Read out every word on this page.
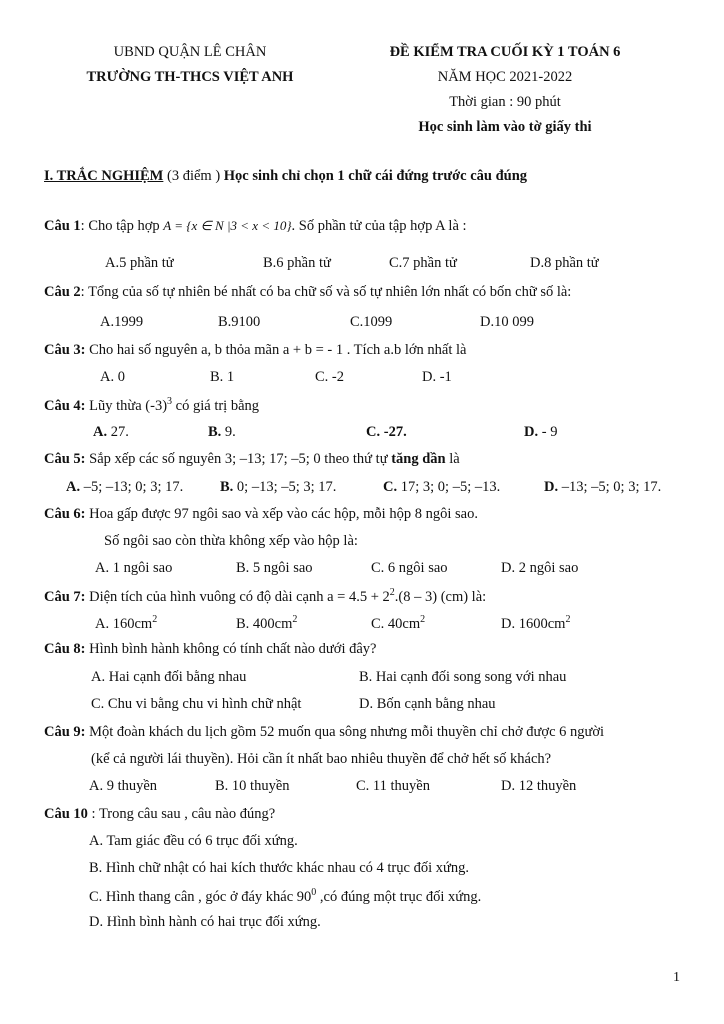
UBND QUẬN LÊ CHÂN
TRƯỜNG TH-THCS VIỆT ANH
ĐỀ KIỂM TRA CUỐI KỲ 1 TOÁN 6
NĂM HỌC 2021-2022
Thời gian : 90 phút
Học sinh làm vào tờ giấy thi
I. TRẮC NGHIỆM (3 điểm ) Học sinh chỉ chọn 1 chữ cái đứng trước câu đúng
Câu 1: Cho tập hợp A = {x ∈ N |3 < x < 10}. Số phần tử của tập hợp A là :
A.5 phần tử	B.6 phần tử	C.7 phần tử	D.8 phần tử
Câu 2: Tổng của số tự nhiên bé nhất có ba chữ số và số tự nhiên lớn nhất có bốn chữ số là:
A.1999	B.9100	C.1099	D.10 099
Câu 3: Cho hai số nguyên a, b thỏa mãn a + b = - 1 . Tích a.b lớn nhất là
A. 0	B. 1	C. -2	D. -1
Câu 4: Lũy thừa $(-3)^3$ có giá trị bằng
A. 27.	B. 9.	C. -27.	D. - 9
Câu 5: Sắp xếp các số nguyên 3; –13; 17; –5; 0 theo thứ tự tăng dần là
A. –5; –13; 0; 3; 17.	B. 0; –13; –5; 3; 17.	C. 17; 3; 0; –5; –13.	D. –13; –5; 0; 3; 17.
Câu 6: Hoa gấp được 97 ngôi sao và xếp vào các hộp, mỗi hộp 8 ngôi sao.
Số ngôi sao còn thừa không xếp vào hộp là:
A. 1 ngôi sao	B. 5 ngôi sao	C. 6 ngôi sao	D. 2 ngôi sao
Câu 7: Diện tích của hình vuông có độ dài cạnh $a = 4.5 + 2^2.(8 - 3)$ (cm) là:
A. $160cm^2$	B. $400cm^2$	C. $40cm^2$	D. $1600cm^2$
Câu 8: Hình bình hành không có tính chất nào dưới đây?
A. Hai cạnh đối bằng nhau	B. Hai cạnh đối song song với nhau
C. Chu vi bằng chu vi hình chữ nhật	D. Bốn cạnh bằng nhau
Câu 9: Một đoàn khách du lịch gồm 52 muốn qua sông nhưng mỗi thuyền chỉ chở được 6 người
(kể cả người lái thuyền). Hỏi cần ít nhất bao nhiêu thuyền để chở hết số khách?
A. 9 thuyền	B. 10 thuyền	C. 11 thuyền	D. 12 thuyền
Câu 10 : Trong câu sau , câu nào đúng?
A. Tam giác đều có 6 trục đối xứng.
B. Hình chữ nhật có hai kích thước khác nhau có 4 trục đối xứng.
C. Hình thang cân , góc ở đáy khác $90^0$ ,có đúng một trục đối xứng.
D. Hình bình hành có hai trục đối xứng.
1
